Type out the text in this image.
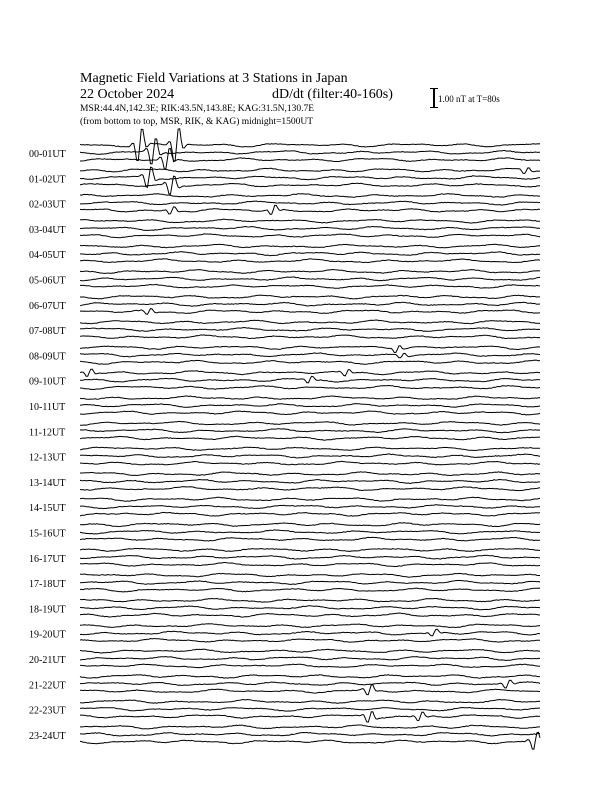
Magnetic Field Variations at 3 Stations in Japan
22 October 2024	dD/dt (filter:40-160s)
MSR:44.4N,142.3E; RIK:43.5N,143.8E; KAG:31.5N,130.7E
(from bottom to top, MSR, RIK, & KAG) midnight=1500UT
1.00 nT at T=80s
00-01UT
01-02UT
02-03UT
03-04UT
04-05UT
05-06UT
06-07UT
07-08UT
08-09UT
09-10UT
10-11UT
11-12UT
12-13UT
13-14UT
14-15UT
15-16UT
16-17UT
17-18UT
18-19UT
19-20UT
20-21UT
21-22UT
22-23UT
23-24UT
